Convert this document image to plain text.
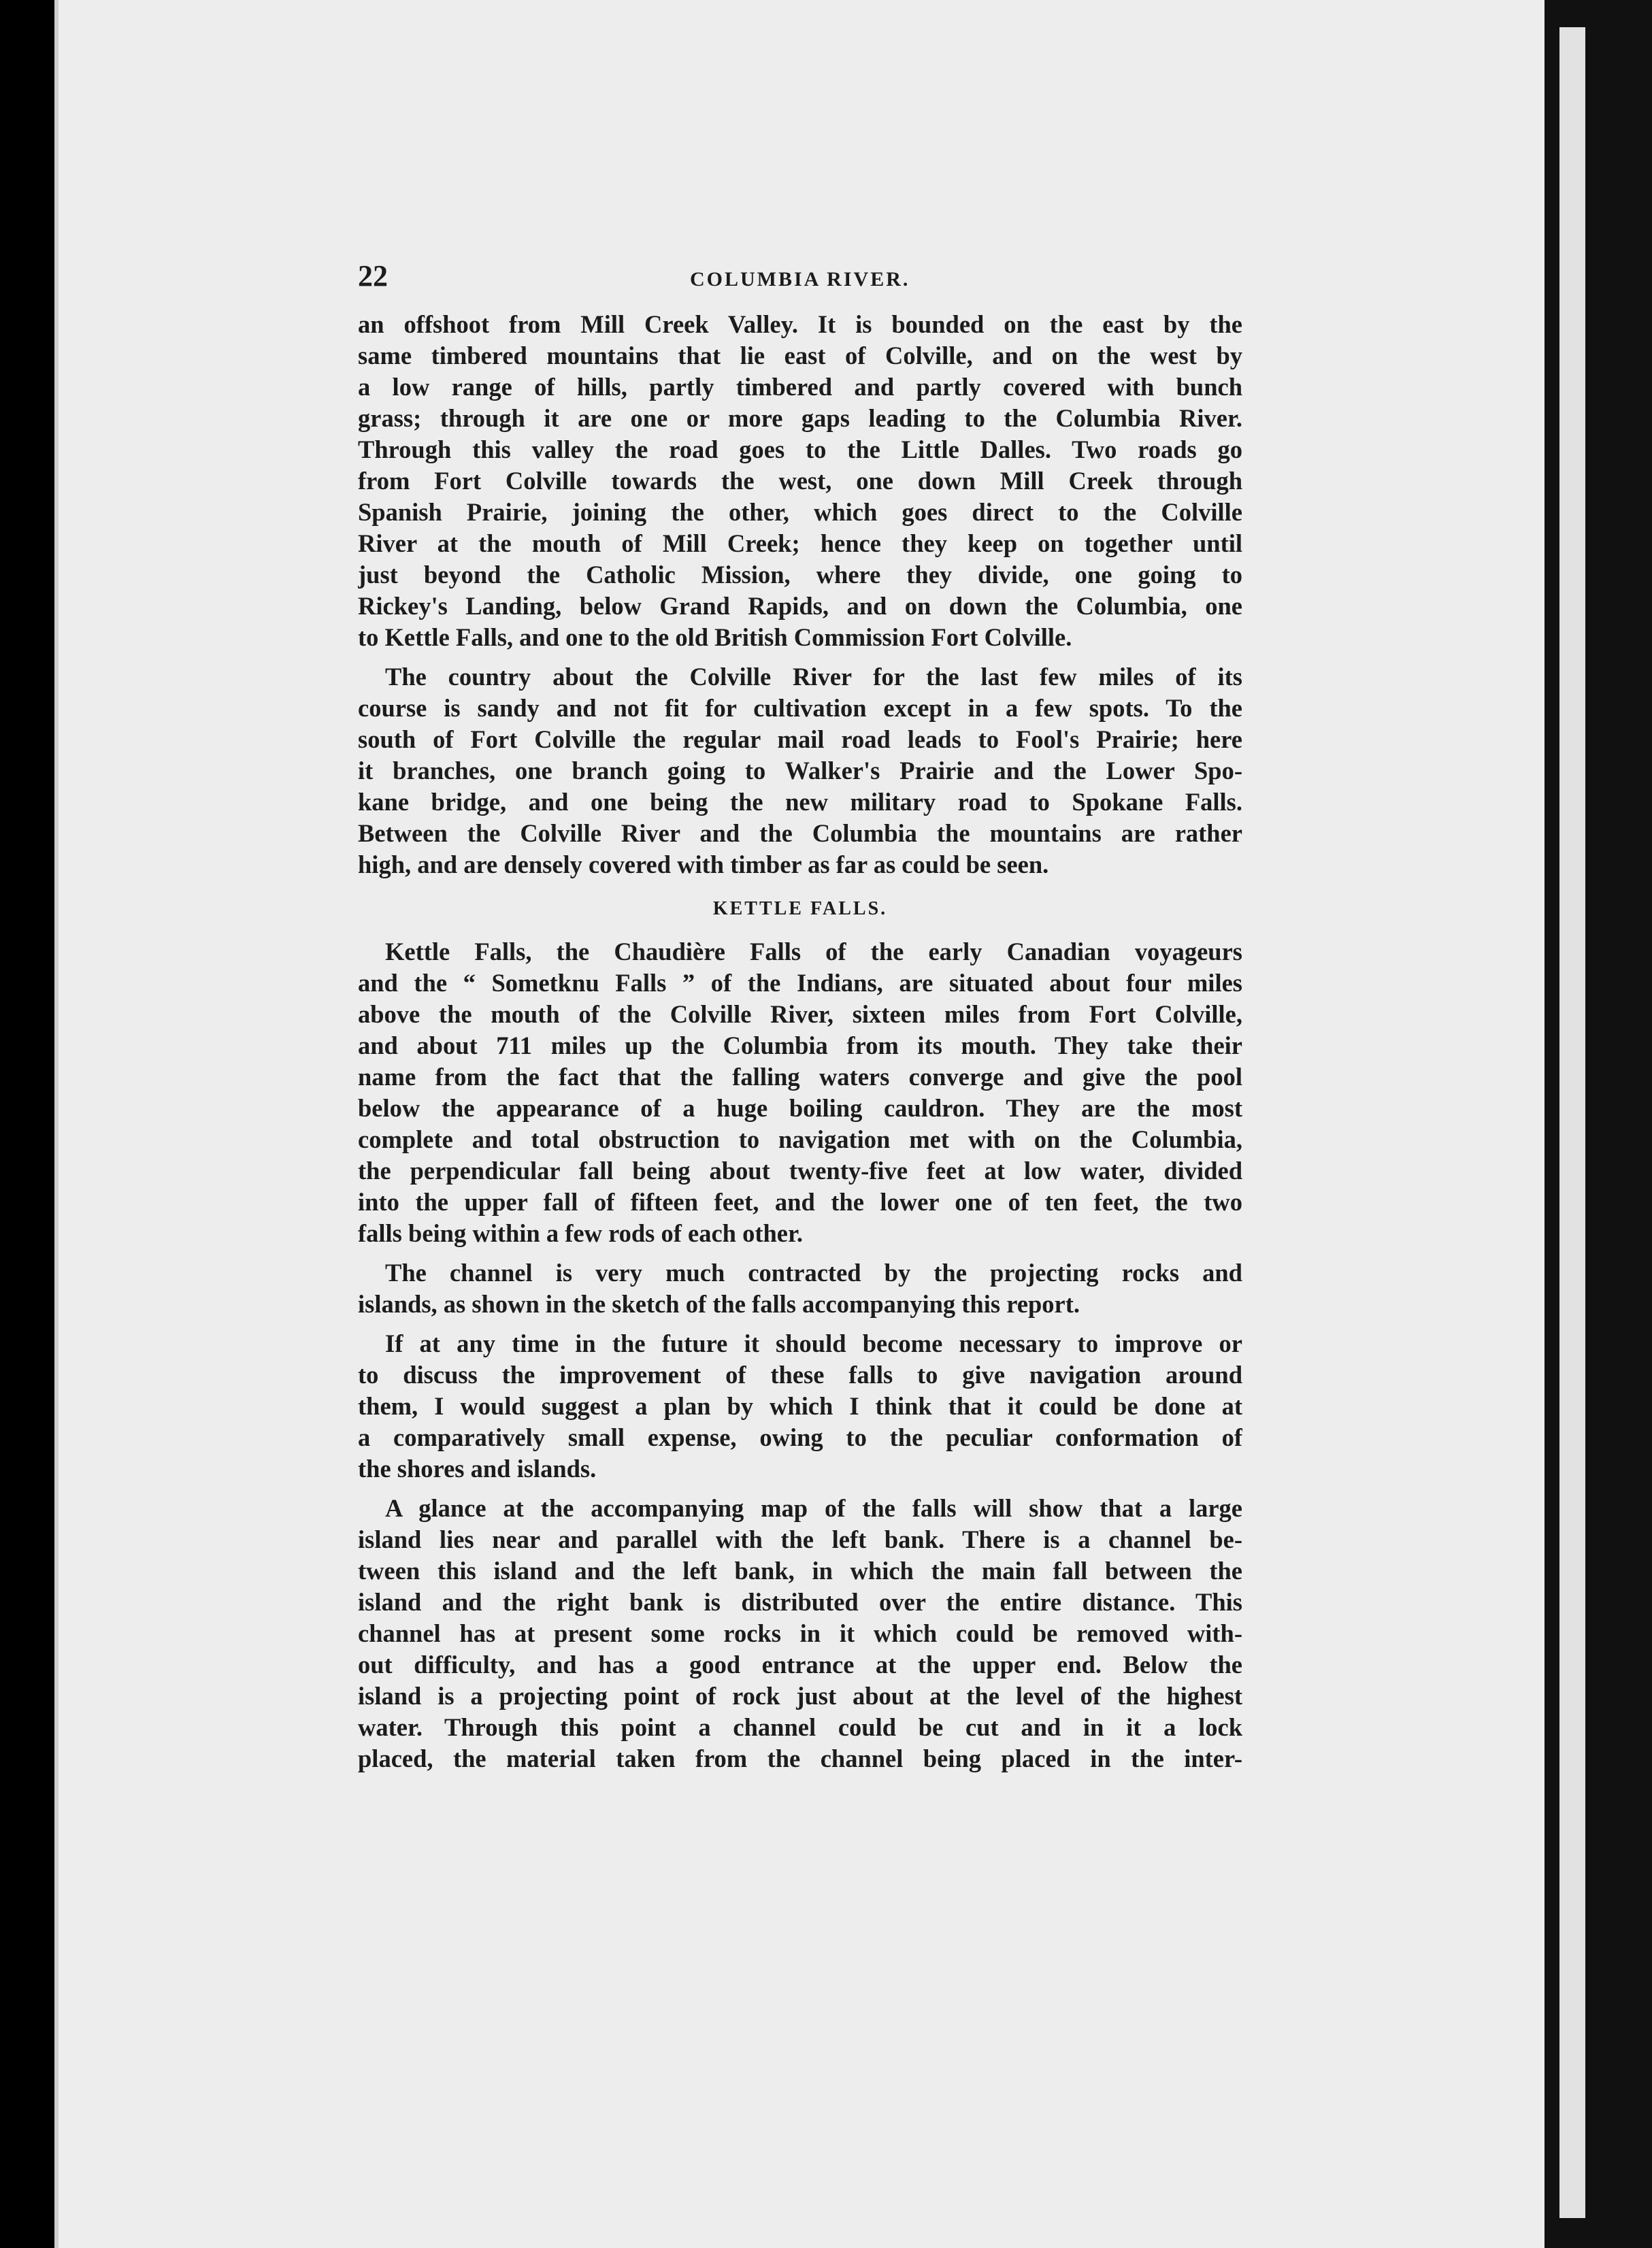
22	COLUMBIA RIVER.

an offshoot from Mill Creek Valley. It is bounded on the east by the
same timbered mountains that lie east of Colville, and on the west by
a low range of hills, partly timbered and partly covered with bunch
grass; through it are one or more gaps leading to the Columbia River.
Through this valley the road goes to the Little Dalles. Two roads go
from Fort Colville towards the west, one down Mill Creek through
Spanish Prairie, joining the other, which goes direct to the Colville
River at the mouth of Mill Creek; hence they keep on together until
just beyond the Catholic Mission, where they divide, one going to
Rickey's Landing, below Grand Rapids, and on down the Columbia, one
to Kettle Falls, and one to the old British Commission Fort Colville.

The country about the Colville River for the last few miles of its
course is sandy and not fit for cultivation except in a few spots. To the
south of Fort Colville the regular mail road leads to Fool's Prairie; here
it branches, one branch going to Walker's Prairie and the Lower Spo-
kane bridge, and one being the new military road to Spokane Falls.
Between the Colville River and the Columbia the mountains are rather
high, and are densely covered with timber as far as could be seen.

KETTLE FALLS.

Kettle Falls, the Chaudière Falls of the early Canadian voyageurs
and the “ Sometknu Falls ” of the Indians, are situated about four miles
above the mouth of the Colville River, sixteen miles from Fort Colville,
and about 711 miles up the Columbia from its mouth. They take their
name from the fact that the falling waters converge and give the pool
below the appearance of a huge boiling cauldron. They are the most
complete and total obstruction to navigation met with on the Columbia,
the perpendicular fall being about twenty-five feet at low water, divided
into the upper fall of fifteen feet, and the lower one of ten feet, the two
falls being within a few rods of each other.

The channel is very much contracted by the projecting rocks and
islands, as shown in the sketch of the falls accompanying this report.

If at any time in the future it should become necessary to improve or
to discuss the improvement of these falls to give navigation around
them, I would suggest a plan by which I think that it could be done at
a comparatively small expense, owing to the peculiar conformation of
the shores and islands.

A glance at the accompanying map of the falls will show that a large
island lies near and parallel with the left bank. There is a channel be-
tween this island and the left bank, in which the main fall between the
island and the right bank is distributed over the entire distance. This
channel has at present some rocks in it which could be removed with-
out difficulty, and has a good entrance at the upper end. Below the
island is a projecting point of rock just about at the level of the highest
water. Through this point a channel could be cut and in it a lock
placed, the material taken from the channel being placed in the inter-
